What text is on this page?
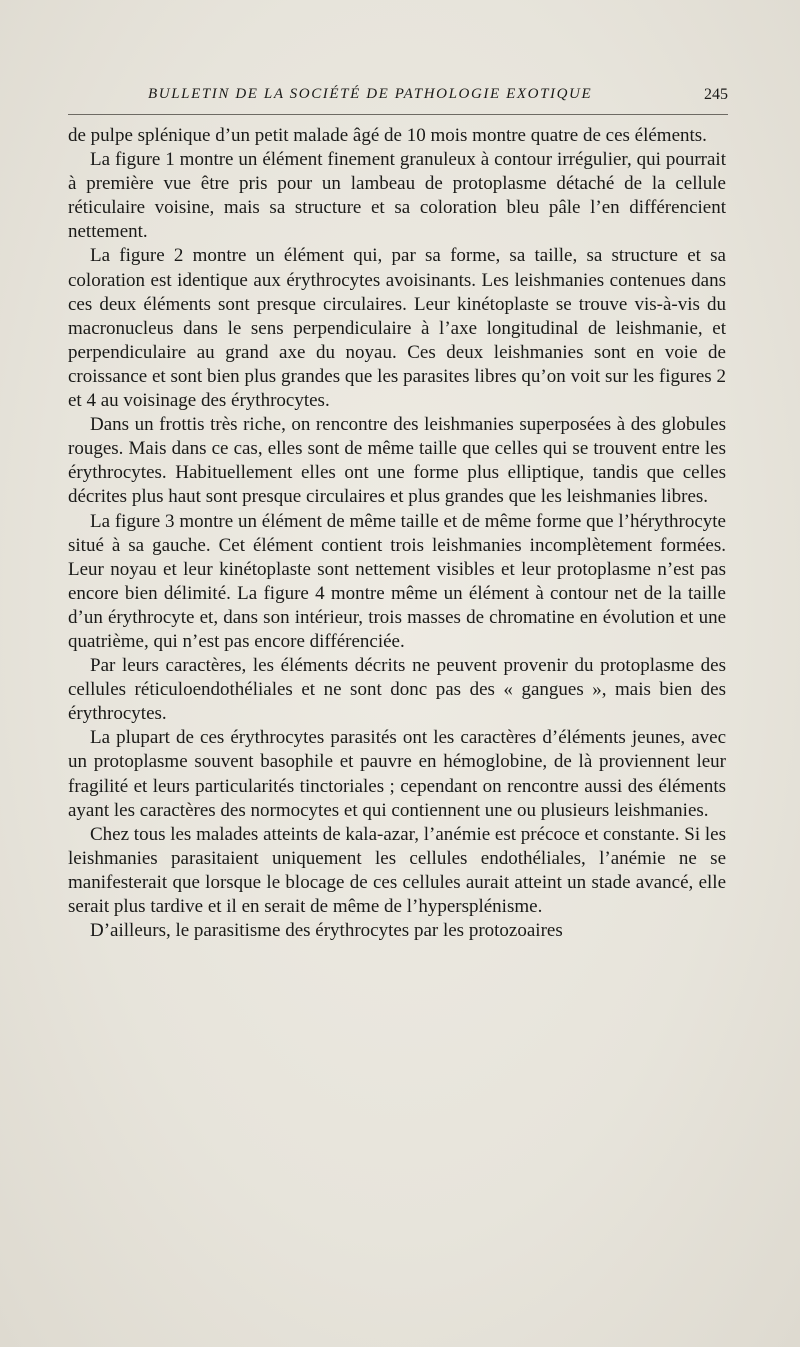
BULLETIN DE LA SOCIÉTÉ DE PATHOLOGIE EXOTIQUE	245

de pulpe splénique d’un petit malade âgé de 10 mois montre quatre de ces éléments.

La figure 1 montre un élément finement granuleux à contour irrégulier, qui pourrait à première vue être pris pour un lambeau de protoplasme détaché de la cellule réticulaire voisine, mais sa structure et sa coloration bleu pâle l’en différencient nettement.

La figure 2 montre un élément qui, par sa forme, sa taille, sa structure et sa coloration est identique aux érythrocytes avoisinants. Les leishmanies contenues dans ces deux éléments sont presque circulaires. Leur kinétoplaste se trouve vis-à-vis du macronucleus dans le sens perpendiculaire à l’axe longitudinal de leishmanie, et perpendiculaire au grand axe du noyau. Ces deux leishmanies sont en voie de croissance et sont bien plus grandes que les parasites libres qu’on voit sur les figures 2 et 4 au voisinage des érythrocytes.

Dans un frottis très riche, on rencontre des leishmanies superposées à des globules rouges. Mais dans ce cas, elles sont de même taille que celles qui se trouvent entre les érythrocytes. Habituellement elles ont une forme plus elliptique, tandis que celles décrites plus haut sont presque circulaires et plus grandes que les leishmanies libres.

La figure 3 montre un élément de même taille et de même forme que l’hérythrocyte situé à sa gauche. Cet élément contient trois leishmanies incomplètement formées. Leur noyau et leur kinétoplaste sont nettement visibles et leur protoplasme n’est pas encore bien délimité. La figure 4 montre même un élément à contour net de la taille d’un érythrocyte et, dans son intérieur, trois masses de chromatine en évolution et une quatrième, qui n’est pas encore différenciée.

Par leurs caractères, les éléments décrits ne peuvent provenir du protoplasme des cellules réticuloendothéliales et ne sont donc pas des « gangues », mais bien des érythrocytes.

La plupart de ces érythrocytes parasités ont les caractères d’éléments jeunes, avec un protoplasme souvent basophile et pauvre en hémoglobine, de là proviennent leur fragilité et leurs particularités tinctoriales ; cependant on rencontre aussi des éléments ayant les caractères des normocytes et qui contiennent une ou plusieurs leishmanies.

Chez tous les malades atteints de kala-azar, l’anémie est précoce et constante. Si les leishmanies parasitaient uniquement les cellules endothéliales, l’anémie ne se manifesterait que lorsque le blocage de ces cellules aurait atteint un stade avancé, elle serait plus tardive et il en serait de même de l’hypersplénisme.

D’ailleurs, le parasitisme des érythrocytes par les protozoaires
